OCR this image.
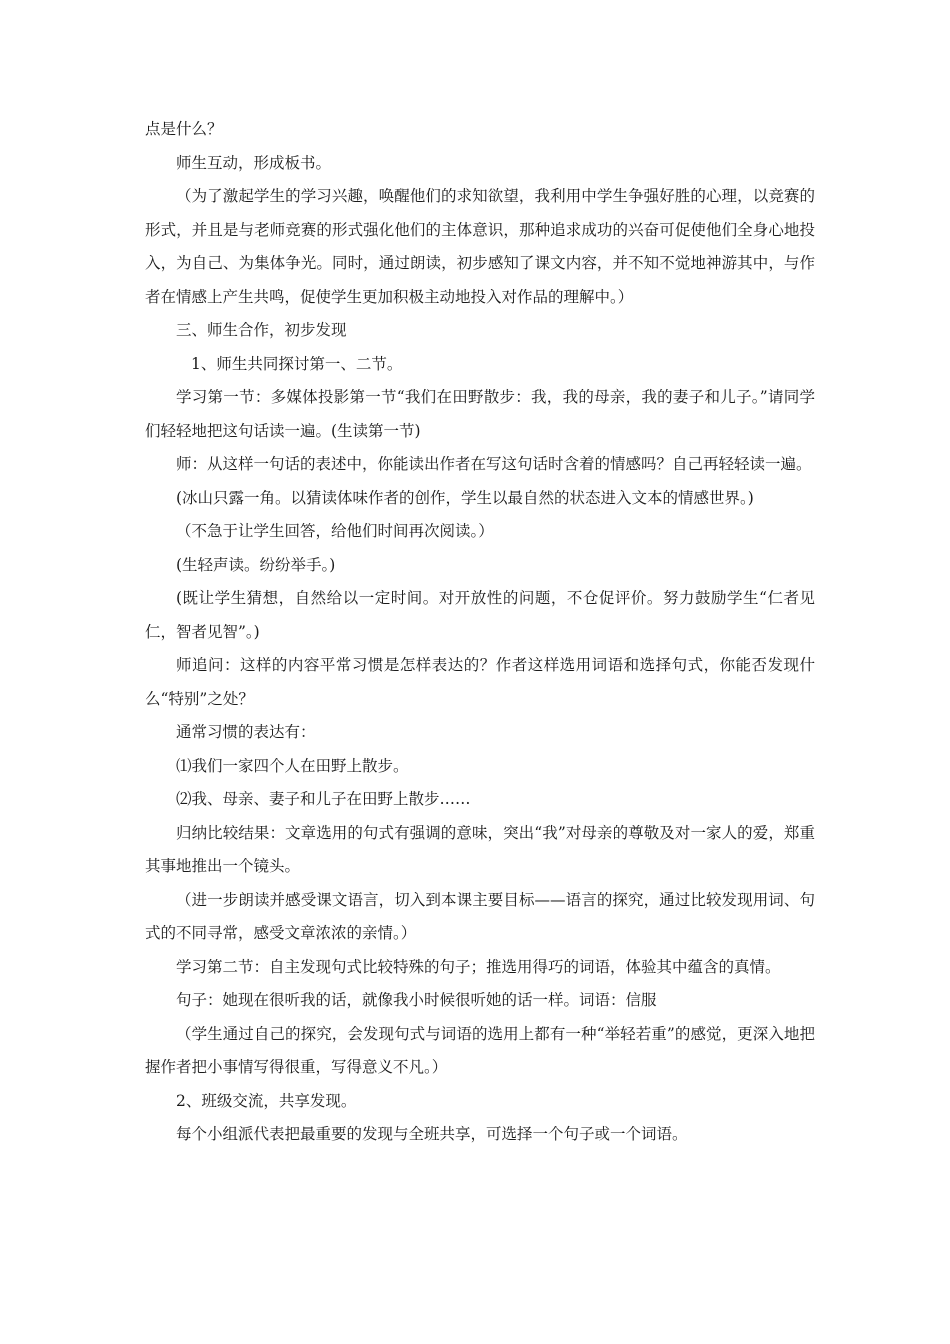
点是什么？

师生互动，形成板书。

（为了激起学生的学习兴趣，唤醒他们的求知欲望，我利用中学生争强好胜的心理，以竞赛的形式，并且是与老师竞赛的形式强化他们的主体意识，那种追求成功的兴奋可促使他们全身心地投入，为自己、为集体争光。同时，通过朗读，初步感知了课文内容，并不知不觉地神游其中，与作者在情感上产生共鸣，促使学生更加积极主动地投入对作品的理解中。）

三、师生合作，初步发现

1、师生共同探讨第一、二节。

学习第一节：多媒体投影第一节“我们在田野散步：我，我的母亲，我的妻子和儿子。”请同学们轻轻地把这句话读一遍。(生读第一节)

师：从这样一句话的表述中，你能读出作者在写这句话时含着的情感吗？自己再轻轻读一遍。

(冰山只露一角。以猜读体味作者的创作，学生以最自然的状态进入文本的情感世界。)

（不急于让学生回答，给他们时间再次阅读。）

(生轻声读。纷纷举手。)

(既让学生猜想，自然给以一定时间。对开放性的问题，不仓促评价。努力鼓励学生“仁者见仁，智者见智”。)

师追问：这样的内容平常习惯是怎样表达的？作者这样选用词语和选择句式，你能否发现什么“特别”之处？

通常习惯的表达有：

⑴我们一家四个人在田野上散步。

⑵我、母亲、妻子和儿子在田野上散步……

归纳比较结果：文章选用的句式有强调的意味，突出“我”对母亲的尊敬及对一家人的爱，郑重其事地推出一个镜头。

（进一步朗读并感受课文语言，切入到本课主要目标——语言的探究，通过比较发现用词、句式的不同寻常，感受文章浓浓的亲情。）

学习第二节：自主发现句式比较特殊的句子；推选用得巧的词语，体验其中蕴含的真情。

句子：她现在很听我的话，就像我小时候很听她的话一样。词语：信服

（学生通过自己的探究，会发现句式与词语的选用上都有一种“举轻若重”的感觉，更深入地把握作者把小事情写得很重，写得意义不凡。）

2、班级交流，共享发现。

每个小组派代表把最重要的发现与全班共享，可选择一个句子或一个词语。
